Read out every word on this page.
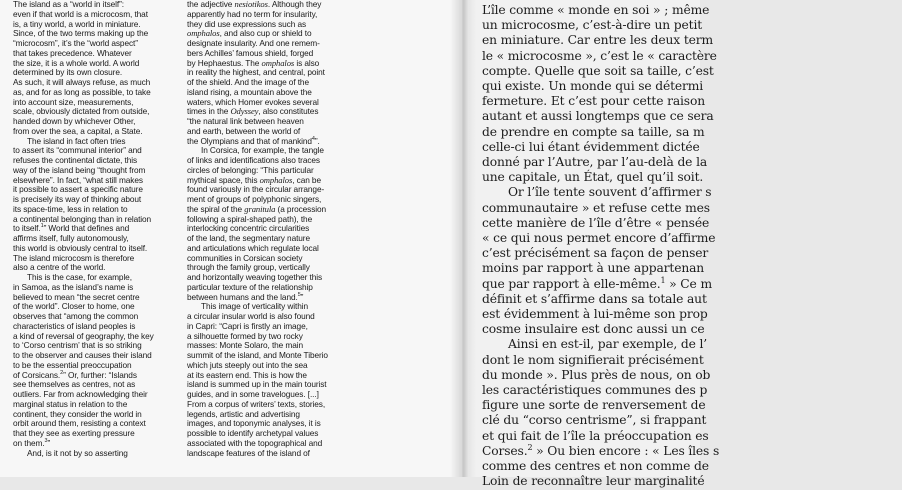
The island as a “world in itself”:
even if that world is a microcosm, that
is, a tiny world, a world in miniature.
Since, of the two terms making up the
“microcosm”, it’s the “world aspect”
that takes precedence. Whatever
the size, it is a whole world. A world
determined by its own closure.
As such, it will always refuse, as much
as, and for as long as possible, to take
into account size, measurements,
scale, obviously dictated from outside,
handed down by whichever Other,
from over the sea, a capital, a State.

The island in fact often tries
to assert its “communal interior” and
refuses the continental dictate, this
way of the island being “thought from
elsewhere”. In fact, “what still makes
it possible to assert a specific nature
is precisely its way of thinking about
its space-time, less in relation to
a continental belonging than in relation
to itself.$^1$” World that defines and
affirms itself, fully autonomously,
this world is obviously central to itself.
The island microcosm is therefore
also a centre of the world.

This is the case, for example,
in Samoa, as the island’s name is
believed to mean “the secret centre
of the world”. Closer to home, one
observes that “among the common
characteristics of island peoples is
a kind of reversal of geography, the key
to ‘Corso centrism’ that is so striking
to the observer and causes their island
to be the essential preoccupation
of Corsicans.$^2$” Or, further: “Islands
see themselves as centres, not as
outliers. Far from acknowledging their
marginal status in relation to the
continent, they consider the world in
orbit around them, resisting a context
that they see as exerting pressure
on them.$^3$”

And, is it not by so asserting

the adjective nesiotikos. Although they
apparently had no term for insularity,
they did use expressions such as
omphalos, and also cup or shield to
designate insularity. And one remem-
bers Achilles’ famous shield, forged
by Hephaestus. The omphalos is also
in reality the highest, and central, point
of the shield. And the image of the
island rising, a mountain above the
waters, which Homer evokes several
times in the Odyssey, also constitutes
“the natural link between heaven
and earth, between the world of
the Olympians and that of mankind$^4$”.
In Corsica, for example, the tangle
of links and identifications also traces
circles of belonging: “This particular
mythical space, this omphalos, can be
found variously in the circular arrange-
ment of groups of polyphonic singers,
the spiral of the granitula (a procession
following a spiral-shaped path), the
interlocking concentric circularities
of the land, the segmentary nature
and articulations which regulate local
communities in Corsican society
through the family group, vertically
and horizontally weaving together this
particular texture of the relationship
between humans and the land.$^5$”

This image of verticality within
a circular insular world is also found
in Capri: “Capri is firstly an image,
a silhouette formed by two rocky
masses: Monte Solaro, the main
summit of the island, and Monte Tiberio
which juts steeply out into the sea
at its eastern end. This is how the
island is summed up in the main tourist
guides, and in some travelogues. [...]
From a corpus of writers’ texts, stories,
legends, artistic and advertising
images, and toponymic analyses, it is
possible to identify archetypal values
associated with the topographical and
landscape features of the island of

L’île comme « monde en soi » ; même
un microcosme, c’est-à-dire un petit
en miniature. Car entre les deux term
le « microcosme », c’est le « caractère
compte. Quelle que soit sa taille, c’est
qui existe. Un monde qui se détermi
fermeture. Et c’est pour cette raison
autant et aussi longtemps que ce sera
de prendre en compte sa taille, sa m
celle-ci lui étant évidemment dictée
donné par l’Autre, par l’au-delà de la
une capitale, un État, quel qu’il soit.
Or l’île tente souvent d’affirmer s
communautaire » et refuse cette mes
cette manière de l’île d’être « pensée
« ce qui nous permet encore d’affirme
c’est précisément sa façon de penser
moins par rapport à une appartenan
que par rapport à elle-même.$^1$ » Ce m
définit et s’affirme dans sa totale aut
est évidemment à lui-même son prop
cosme insulaire est donc aussi un ce
Ainsi en est-il, par exemple, de l’
dont le nom signifierait précisément
du monde ». Plus près de nous, on ob
les caractéristiques communes des p
figure une sorte de renversement de
clé du “corso centrisme”, si frappant
et qui fait de l’île la préoccupation es
Corses.$^2$ » Ou bien encore : « Les îles s
comme des centres et non comme de
Loin de reconnaître leur marginalité
